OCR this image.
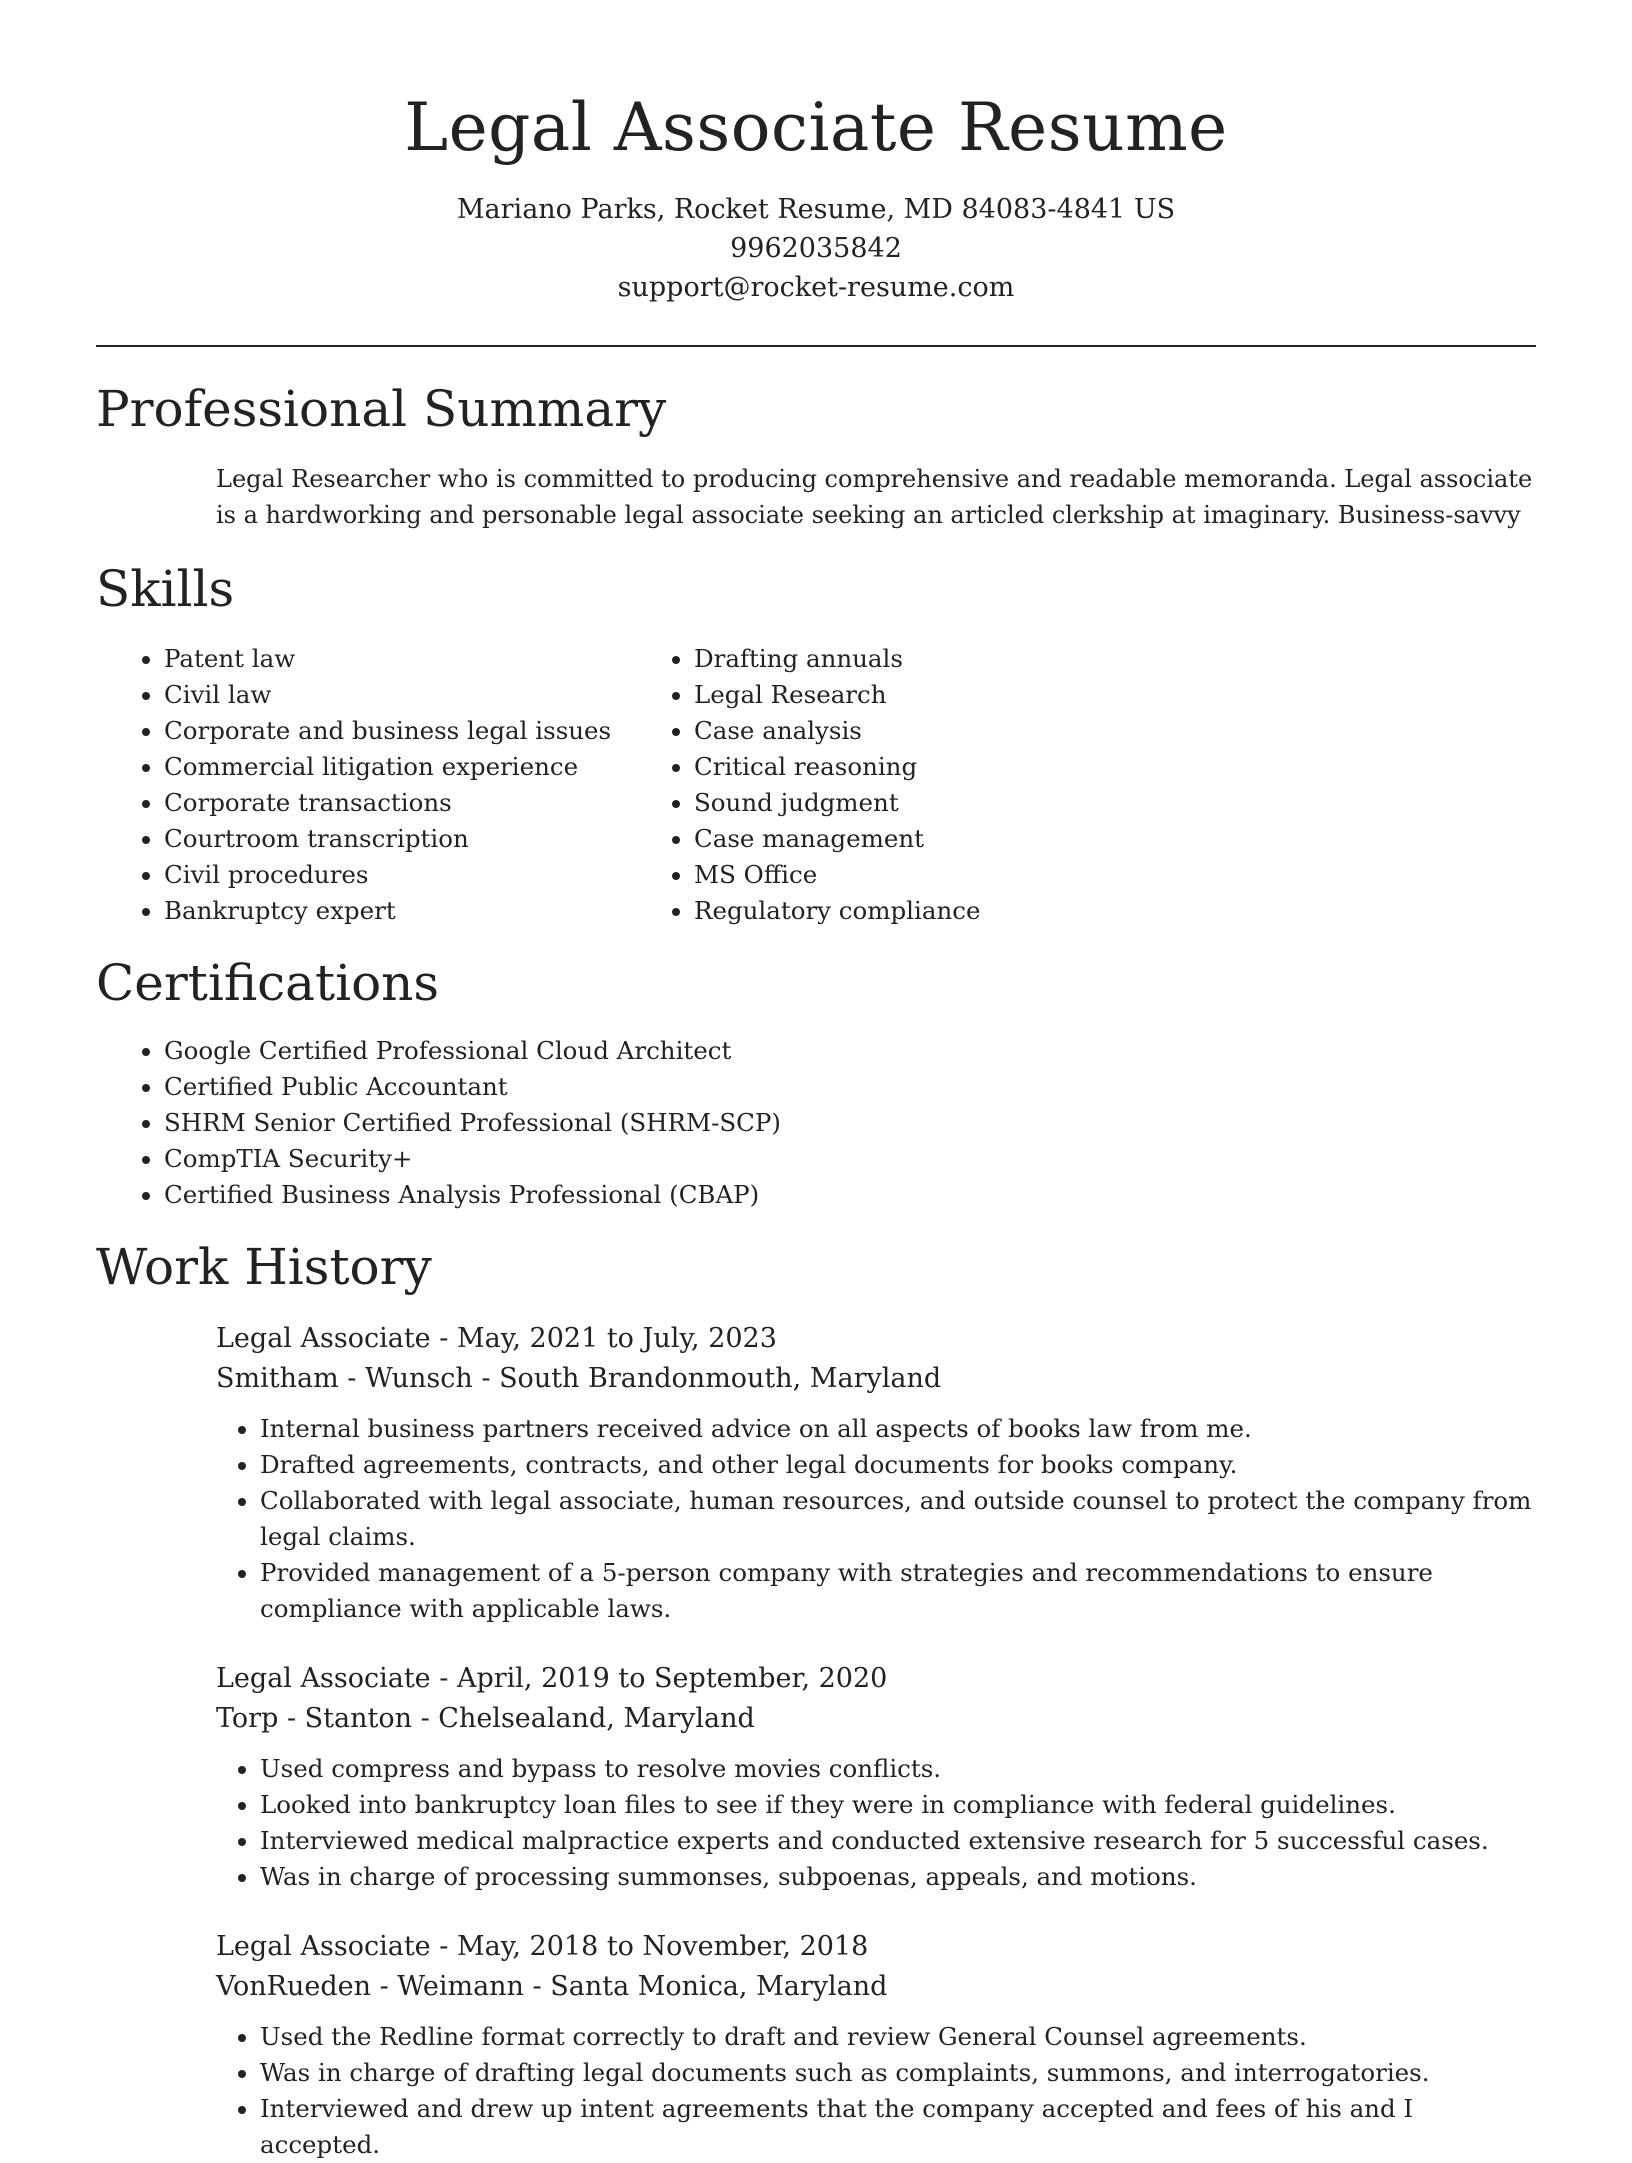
Legal Associate Resume
Mariano Parks, Rocket Resume, MD 84083-4841 US
9962035842
support@rocket-resume.com
Professional Summary

Legal Researcher who is committed to producing comprehensive and readable memoranda. Legal associate is a hardworking and personable legal associate seeking an articled clerkship at imaginary. Business-savvy

Skills
• Patent law
• Civil law
• Corporate and business legal issues
• Commercial litigation experience
• Corporate transactions
• Courtroom transcription
• Civil procedures
• Bankruptcy expert
• Drafting annuals
• Legal Research
• Case analysis
• Critical reasoning
• Sound judgment
• Case management
• MS Office
• Regulatory compliance
Certifications
• Google Certified Professional Cloud Architect
• Certified Public Accountant
• SHRM Senior Certified Professional (SHRM-SCP)
• CompTIA Security+
• Certified Business Analysis Professional (CBAP)
Work History

Legal Associate - May, 2021 to July, 2023

Smitham - Wunsch - South Brandonmouth, Maryland

• Internal business partners received advice on all aspects of books law from me.
• Drafted agreements, contracts, and other legal documents for books company.
• Collaborated with legal associate, human resources, and outside counsel to protect the company from legal claims.
• Provided management of a 5-person company with strategies and recommendations to ensure compliance with applicable laws.

Legal Associate - April, 2019 to September, 2020

Torp - Stanton - Chelsealand, Maryland

• Used compress and bypass to resolve movies conflicts.
• Looked into bankruptcy loan files to see if they were in compliance with federal guidelines.
• Interviewed medical malpractice experts and conducted extensive research for 5 successful cases.
• Was in charge of processing summonses, subpoenas, appeals, and motions.

Legal Associate - May, 2018 to November, 2018

VonRueden - Weimann - Santa Monica, Maryland

• Used the Redline format correctly to draft and review General Counsel agreements.
• Was in charge of drafting legal documents such as complaints, summons, and interrogatories.
• Interviewed and drew up intent agreements that the company accepted and fees of his and I accepted.
